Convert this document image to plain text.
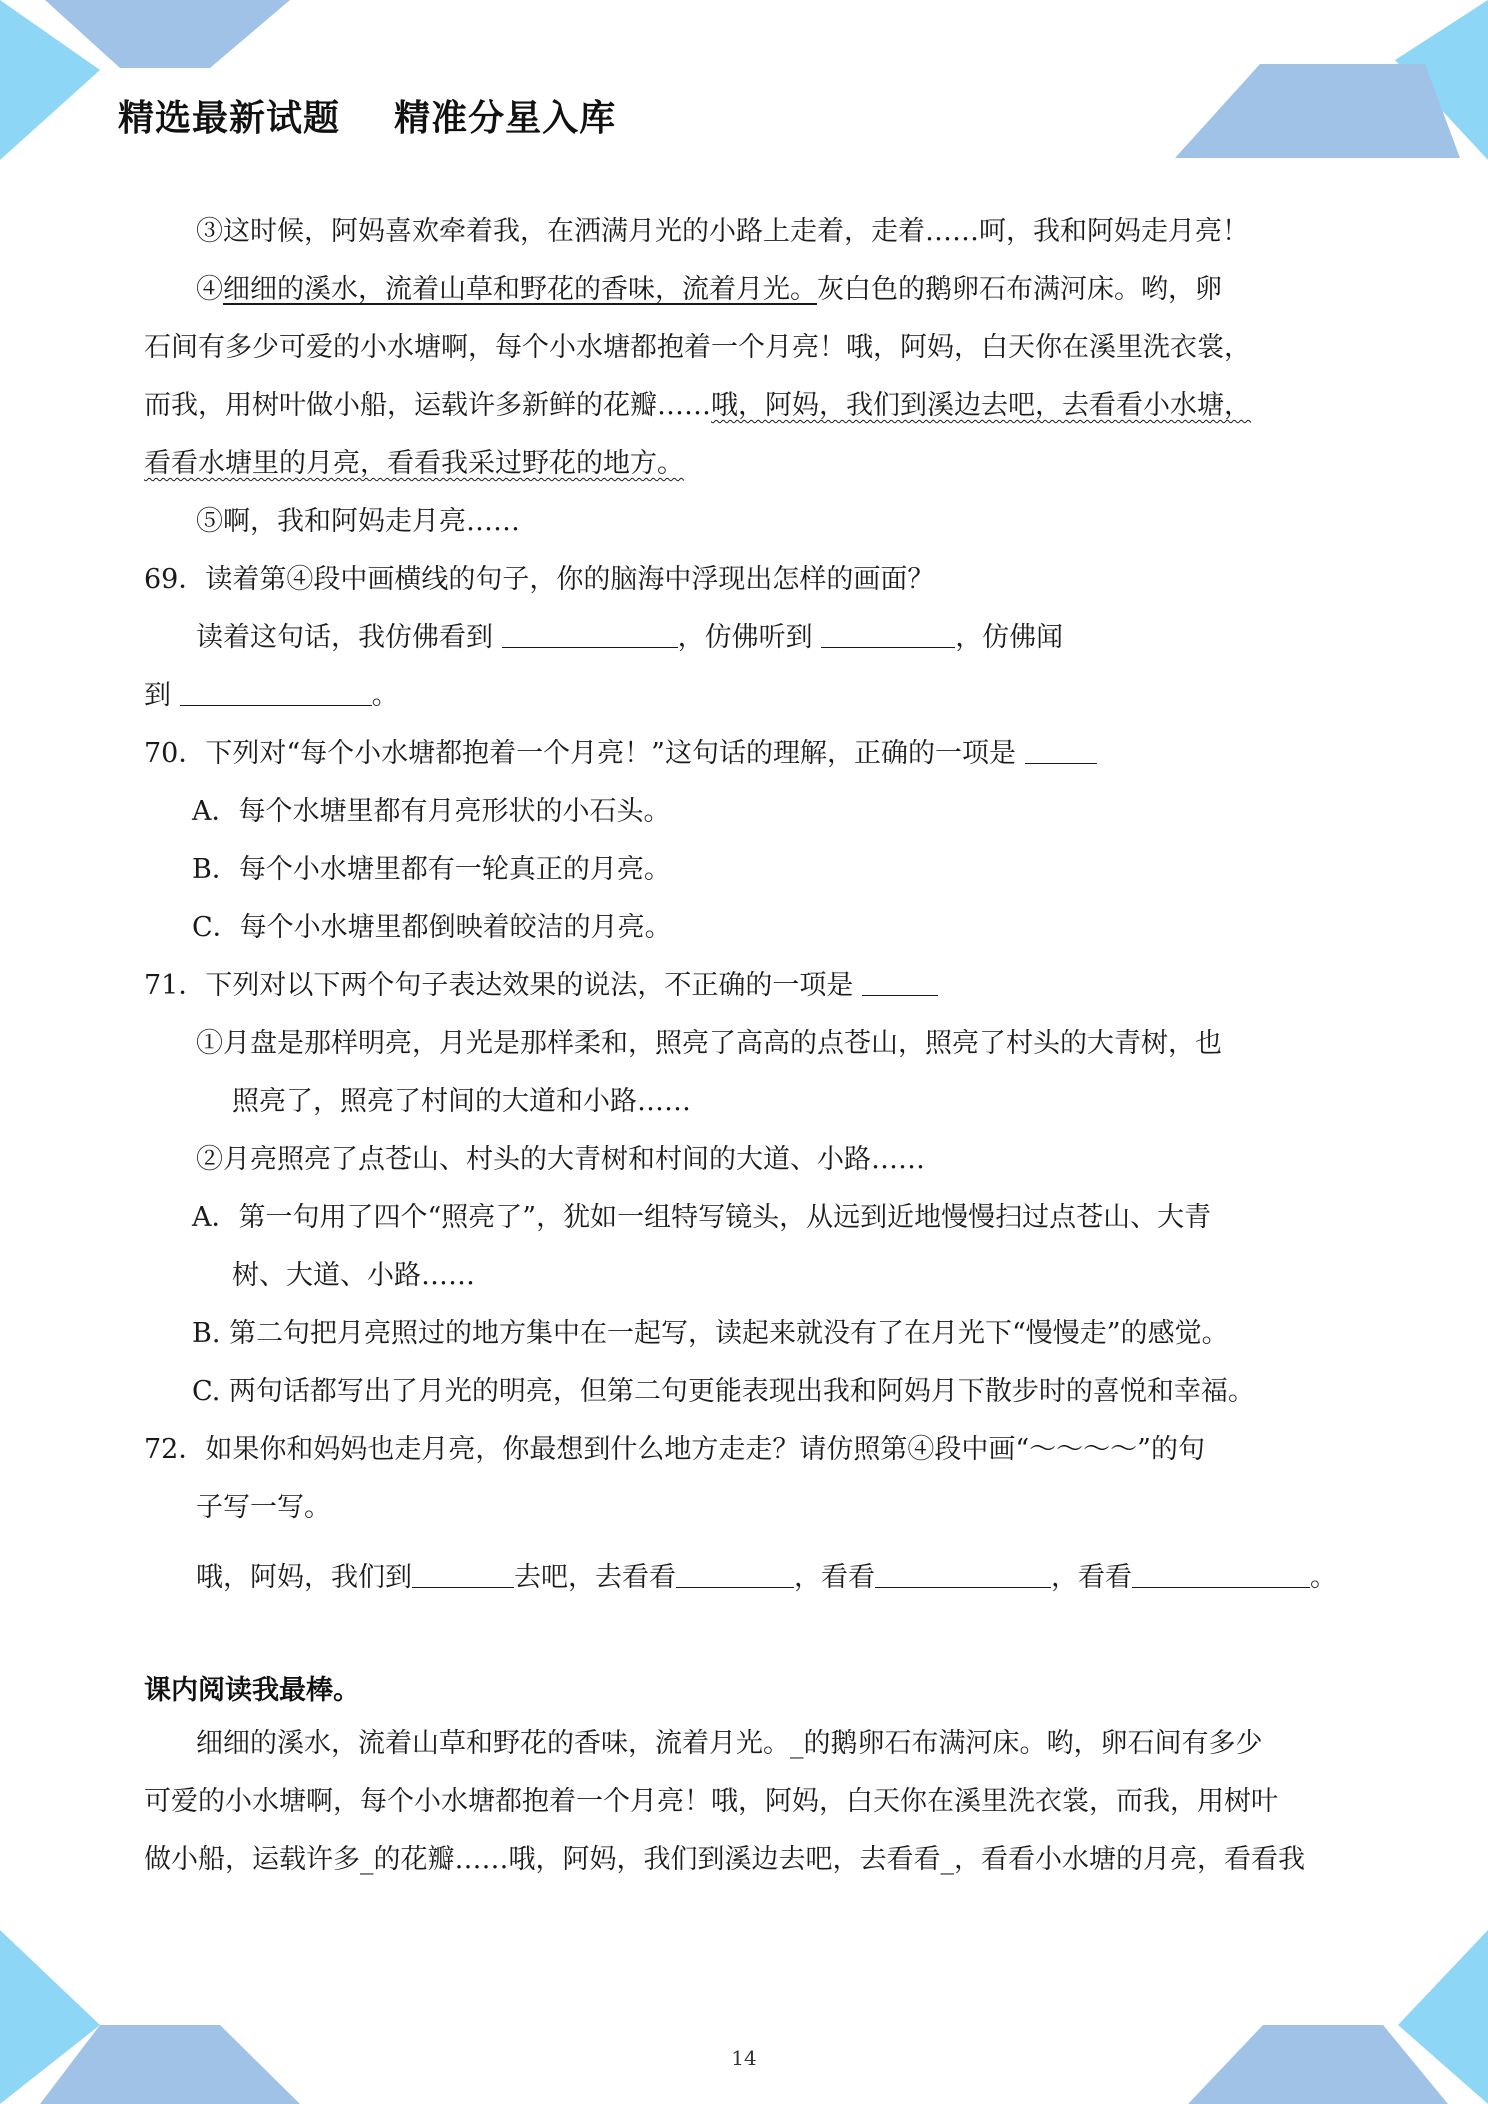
精选最新试题    精准分星入库
③这时候，阿妈喜欢牵着我，在洒满月光的小路上走着，走着……呵，我和阿妈走月亮！
④细细的溪水，流着山草和野花的香味，流着月光。灰白色的鹅卵石布满河床。哟，卵
石间有多少可爱的小水塘啊，每个小水塘都抱着一个月亮！哦，阿妈，白天你在溪里洗衣裳，
而我，用树叶做小船，运载许多新鲜的花瓣……哦，阿妈，我们到溪边去吧，去看看小水塘，
看看水塘里的月亮，看看我采过野花的地方。
⑤啊，我和阿妈走月亮……
69．读着第④段中画横线的句子，你的脑海中浮现出怎样的画面？
读着这句话，我仿佛看到	，仿佛听到	，仿佛闻
到	。
70．下列对“每个小水塘都抱着一个月亮！”这句话的理解，正确的一项是
A．每个水塘里都有月亮形状的小石头。
B．每个小水塘里都有一轮真正的月亮。
C．每个小水塘里都倒映着皎洁的月亮。
71．下列对以下两个句子表达效果的说法，不正确的一项是
①月盘是那样明亮，月光是那样柔和，照亮了高高的点苍山，照亮了村头的大青树，也
照亮了，照亮了村间的大道和小路……
②月亮照亮了点苍山、村头的大青树和村间的大道、小路……
A．第一句用了四个“照亮了”，犹如一组特写镜头，从远到近地慢慢扫过点苍山、大青
树、大道、小路……
B. 第二句把月亮照过的地方集中在一起写，读起来就没有了在月光下“慢慢走”的感觉。
C. 两句话都写出了月光的明亮，但第二句更能表现出我和阿妈月下散步时的喜悦和幸福。
72．如果你和妈妈也走月亮，你最想到什么地方走走？请仿照第④段中画“～～～～”的句
子写一写。
哦，阿妈，我们到	去吧，去看看	，看看	，看看	。
课内阅读我最棒。
细细的溪水，流着山草和野花的香味，流着月光。_的鹅卵石布满河床。哟，卵石间有多少
可爱的小水塘啊，每个小水塘都抱着一个月亮！哦，阿妈，白天你在溪里洗衣裳，而我，用树叶
做小船，运载许多_的花瓣……哦，阿妈，我们到溪边去吧，去看看_，看看小水塘的月亮，看看我
14
